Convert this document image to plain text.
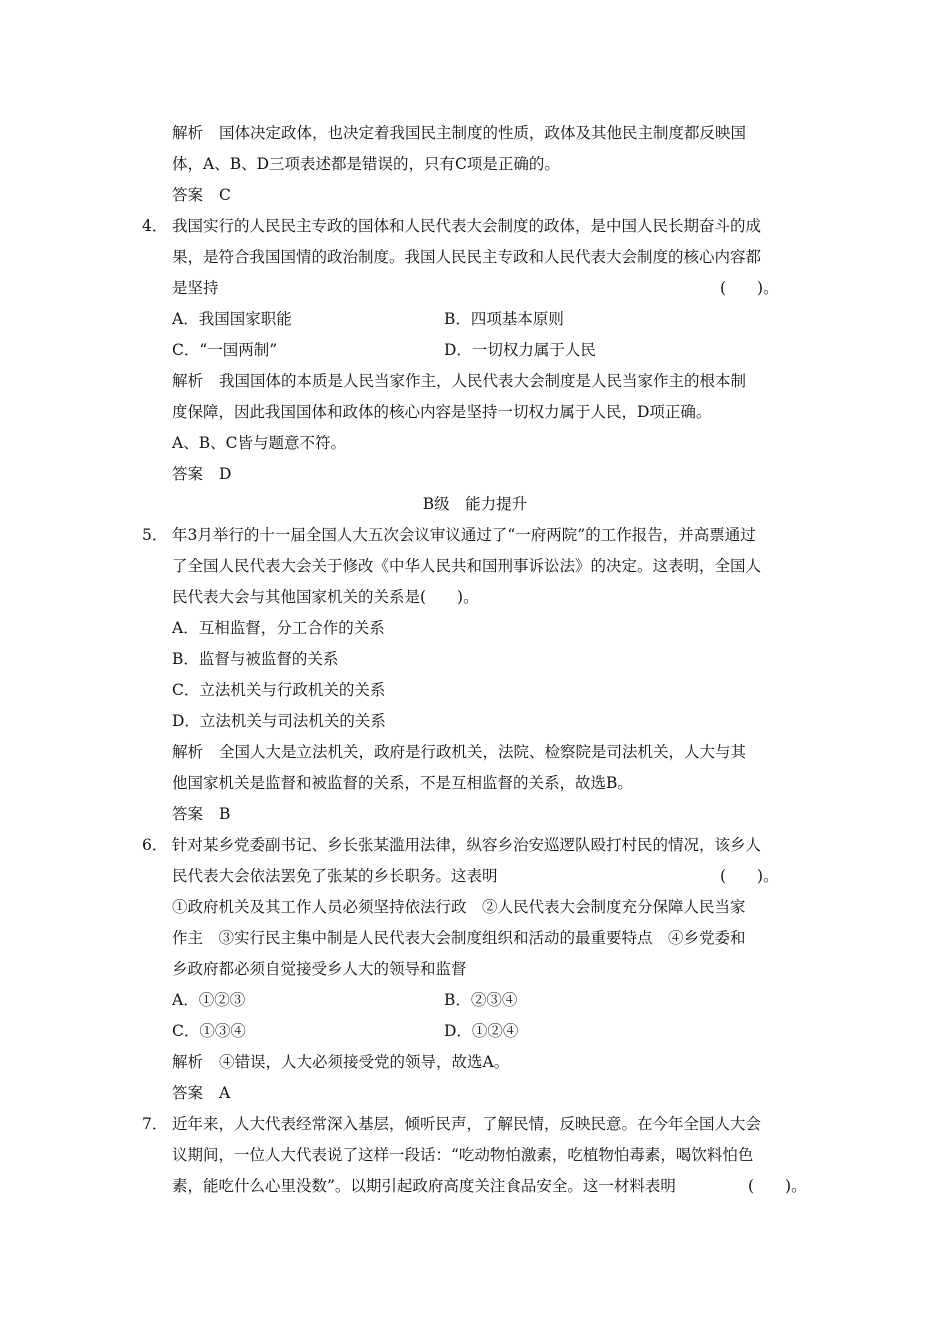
解析 国体决定政体，也决定着我国民主制度的性质，政体及其他民主制度都反映国
体，A、B、D三项表述都是错误的，只有C项是正确的。
答案 C
4． 我国实行的人民民主专政的国体和人民代表大会制度的政体，是中国人民长期奋斗的成
果，是符合我国国情的政治制度。我国人民民主专政和人民代表大会制度的核心内容都
是坚持	(　　)。
A．我国国家职能	B．四项基本原则
C．“一国两制”	D．一切权力属于人民
解析 我国国体的本质是人民当家作主，人民代表大会制度是人民当家作主的根本制
度保障，因此我国国体和政体的核心内容是坚持一切权力属于人民，D项正确。
A、B、C皆与题意不符。
答案 D
B级　能力提升
5． 年3月举行的十一届全国人大五次会议审议通过了“一府两院”的工作报告，并高票通过
了全国人民代表大会关于修改《中华人民共和国刑事诉讼法》的决定。这表明，全国人
民代表大会与其他国家机关的关系是(　　)。
A．互相监督，分工合作的关系
B．监督与被监督的关系
C．立法机关与行政机关的关系
D．立法机关与司法机关的关系
解析 全国人大是立法机关，政府是行政机关，法院、检察院是司法机关，人大与其
他国家机关是监督和被监督的关系，不是互相监督的关系，故选B。
答案 B
6． 针对某乡党委副书记、乡长张某滥用法律，纵容乡治安巡逻队殴打村民的情况，该乡人
民代表大会依法罢免了张某的乡长职务。这表明	(　　)。
①政府机关及其工作人员必须坚持依法行政　②人民代表大会制度充分保障人民当家
作主　③实行民主集中制是人民代表大会制度组织和活动的最重要特点　④乡党委和
乡政府都必须自觉接受乡人大的领导和监督
A．①②③	B．②③④
C．①③④	D．①②④
解析 ④错误，人大必须接受党的领导，故选A。
答案 A
7． 近年来，人大代表经常深入基层，倾听民声，了解民情，反映民意。在今年全国人大会
议期间，一位人大代表说了这样一段话：“吃动物怕激素，吃植物怕毒素，喝饮料怕色
素，能吃什么心里没数”。以期引起政府高度关注食品安全。这一材料表明	(　　)。
